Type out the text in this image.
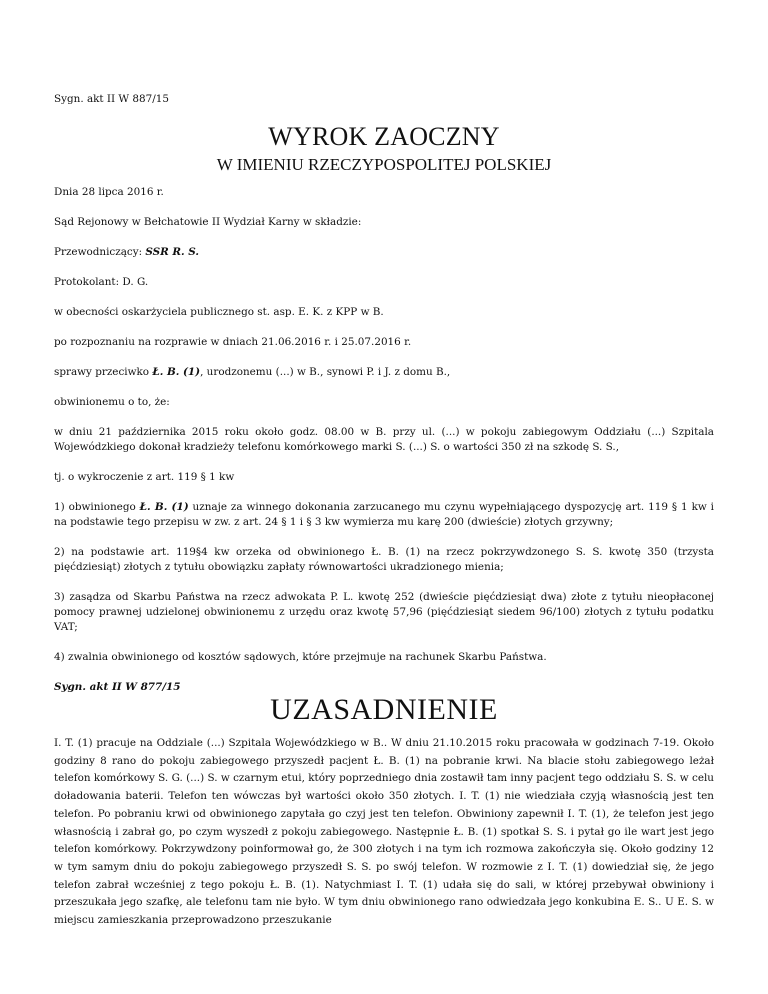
Sygn. akt II W 887/15

WYROK ZAOCZNY
W IMIENIU RZECZYPOSPOLITEJ POLSKIEJ

Dnia 28 lipca 2016 r.

Sąd Rejonowy w Bełchatowie II Wydział Karny w składzie:

Przewodniczący: SSR R. S.

Protokolant: D. G.

w obecności oskarżyciela publicznego st. asp. E. K. z KPP w B.

po rozpoznaniu na rozprawie w dniach 21.06.2016 r. i 25.07.2016 r.

sprawy przeciwko Ł. B. (1), urodzonemu (...) w B., synowi P. i J. z domu B.,

obwinionemu o to, że:

w dniu 21 października 2015 roku około godz. 08.00 w B. przy ul. (...) w pokoju zabiegowym Oddziału (...) Szpitala Wojewódzkiego dokonał kradzieży telefonu komórkowego marki S. (...) S. o wartości 350 zł na szkodę S. S.,

tj. o wykroczenie z art. 119 § 1 kw

1) obwinionego Ł. B. (1) uznaje za winnego dokonania zarzucanego mu czynu wypełniającego dyspozycję art. 119 § 1 kw i na podstawie tego przepisu w zw. z art. 24 § 1 i § 3 kw wymierza mu karę 200 (dwieście) złotych grzywny;

2) na podstawie art. 119§4 kw orzeka od obwinionego Ł. B. (1) na rzecz pokrzywdzonego S. S. kwotę 350 (trzysta pięćdziesiąt) złotych z tytułu obowiązku zapłaty równowartości ukradzionego mienia;

3) zasądza od Skarbu Państwa na rzecz adwokata P. L. kwotę 252 (dwieście pięćdziesiąt dwa) złote z tytułu nieopłaconej pomocy prawnej udzielonej obwinionemu z urzędu oraz kwotę 57,96 (pięćdziesiąt siedem 96/100) złotych z tytułu podatku VAT;

4) zwalnia obwinionego od kosztów sądowych, które przejmuje na rachunek Skarbu Państwa.

Sygn. akt II W 877/15

UZASADNIENIE

I. T. (1) pracuje na Oddziale (...) Szpitala Wojewódzkiego w B.. W dniu 21.10.2015 roku pracowała w godzinach 7-19. Około godziny 8 rano do pokoju zabiegowego przyszedł pacjent Ł. B. (1) na pobranie krwi. Na blacie stołu zabiegowego leżał telefon komórkowy S. G. (...) S. w czarnym etui, który poprzedniego dnia zostawił tam inny pacjent tego oddziału S. S. w celu doładowania baterii. Telefon ten wówczas był wartości około 350 złotych. I. T. (1) nie wiedziała czyją własnością jest ten telefon. Po pobraniu krwi od obwinionego zapytała go czyj jest ten telefon. Obwiniony zapewnił I. T. (1), że telefon jest jego własnością i zabrał go, po czym wyszedł z pokoju zabiegowego. Następnie Ł. B. (1) spotkał S. S. i pytał go ile wart jest jego telefon komórkowy. Pokrzywdzony poinformował go, że 300 złotych i na tym ich rozmowa zakończyła się. Około godziny 12 w tym samym dniu do pokoju zabiegowego przyszedł S. S. po swój telefon. W rozmowie z I. T. (1) dowiedział się, że jego telefon zabrał wcześniej z tego pokoju Ł. B. (1). Natychmiast I. T. (1) udała się do sali, w której przebywał obwiniony i przeszukała jego szafkę, ale telefonu tam nie było. W tym dniu obwinionego rano odwiedzała jego konkubina E. S.. U E. S. w miejscu zamieszkania przeprowadzono przeszukanie
